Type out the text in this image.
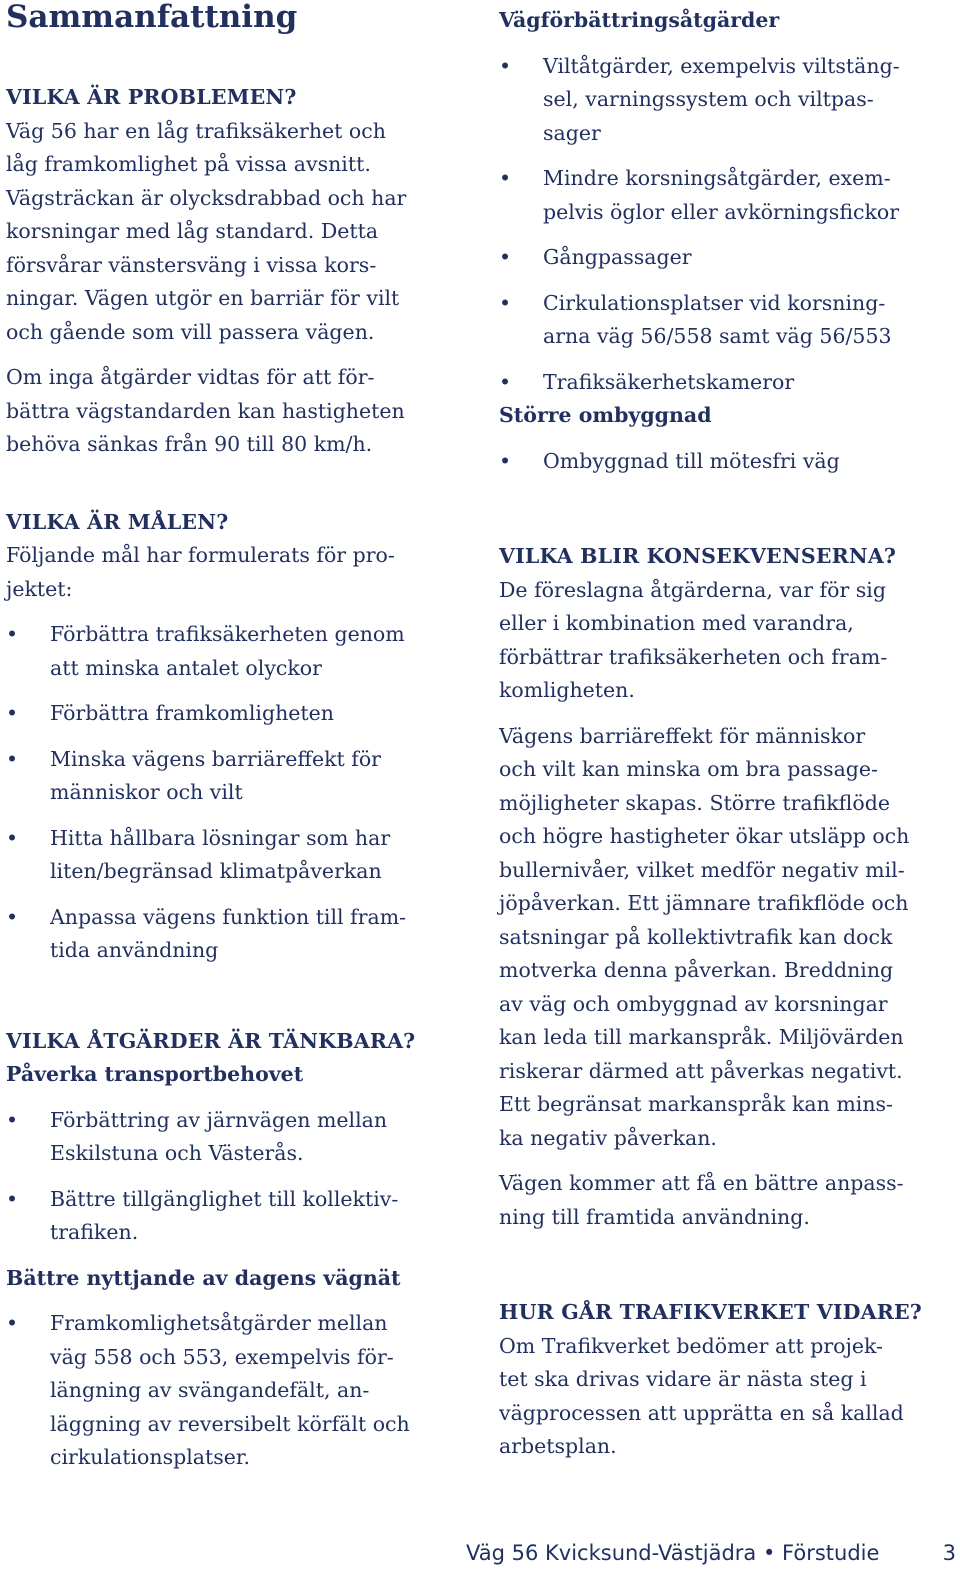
Sammanfattning
VILKA ÄR PROBLEMEN?

Väg 56 har en låg trafiksäkerhet och
låg framkomlighet på vissa avsnitt.
Vägsträckan är olycksdrabbad och har
korsningar med låg standard. Detta
försvårar vänstersväng i vissa kors-
ningar. Vägen utgör en barriär för vilt
och gående som vill passera vägen.

Om inga åtgärder vidtas för att för-
bättra vägstandarden kan hastigheten
behöva sänkas från 90 till 80 km/h.

VILKA ÄR MÅLEN?

Följande mål har formulerats för pro-
jektet:

• Förbättra trafiksäkerheten genom
att minska antalet olyckor
• Förbättra framkomligheten
• Minska vägens barriäreffekt för
människor och vilt
• Hitta hållbara lösningar som har
liten/begränsad klimatpåverkan
• Anpassa vägens funktion till fram-
tida användning
VILKA ÅTGÄRDER ÄR TÄNKBARA?
Påverka transportbehovet
• Förbättring av järnvägen mellan
Eskilstuna och Västerås.
• Bättre tillgänglighet till kollektiv-
trafiken.
Bättre nyttjande av dagens vägnät
• Framkomlighetsåtgärder mellan
väg 558 och 553, exempelvis för-
längning av svängandefält, an-
läggning av reversibelt körfält och
cirkulationsplatser.
Vägförbättringsåtgärder
• Viltåtgärder, exempelvis viltstäng-
sel, varningssystem och viltpas-
sager
• Mindre korsningsåtgärder, exem-
pelvis öglor eller avkörningsfickor
• Gångpassager
• Cirkulationsplatser vid korsning-
arna väg 56/558 samt väg 56/553
• Trafiksäkerhetskameror
Större ombyggnad
• Ombyggnad till mötesfri väg
VILKA BLIR KONSEKVENSERNA?

De föreslagna åtgärderna, var för sig
eller i kombination med varandra,
förbättrar trafiksäkerheten och fram-
komligheten.

Vägens barriäreffekt för människor
och vilt kan minska om bra passage-
möjligheter skapas. Större trafikflöde
och högre hastigheter ökar utsläpp och
bullernivåer, vilket medför negativ mil-
jöpåverkan. Ett jämnare trafikflöde och
satsningar på kollektivtrafik kan dock
motverka denna påverkan. Breddning
av väg och ombyggnad av korsningar
kan leda till markanspråk. Miljövärden
riskerar därmed att påverkas negativt.
Ett begränsat markanspråk kan mins-
ka negativ påverkan.

Vägen kommer att få en bättre anpass-
ning till framtida användning.

HUR GÅR TRAFIKVERKET VIDARE?

Om Trafikverket bedömer att projek-
tet ska drivas vidare är nästa steg i
vägprocessen att upprätta en så kallad
arbetsplan.

Väg 56 Kvicksund-Västjädra • Förstudie	3
